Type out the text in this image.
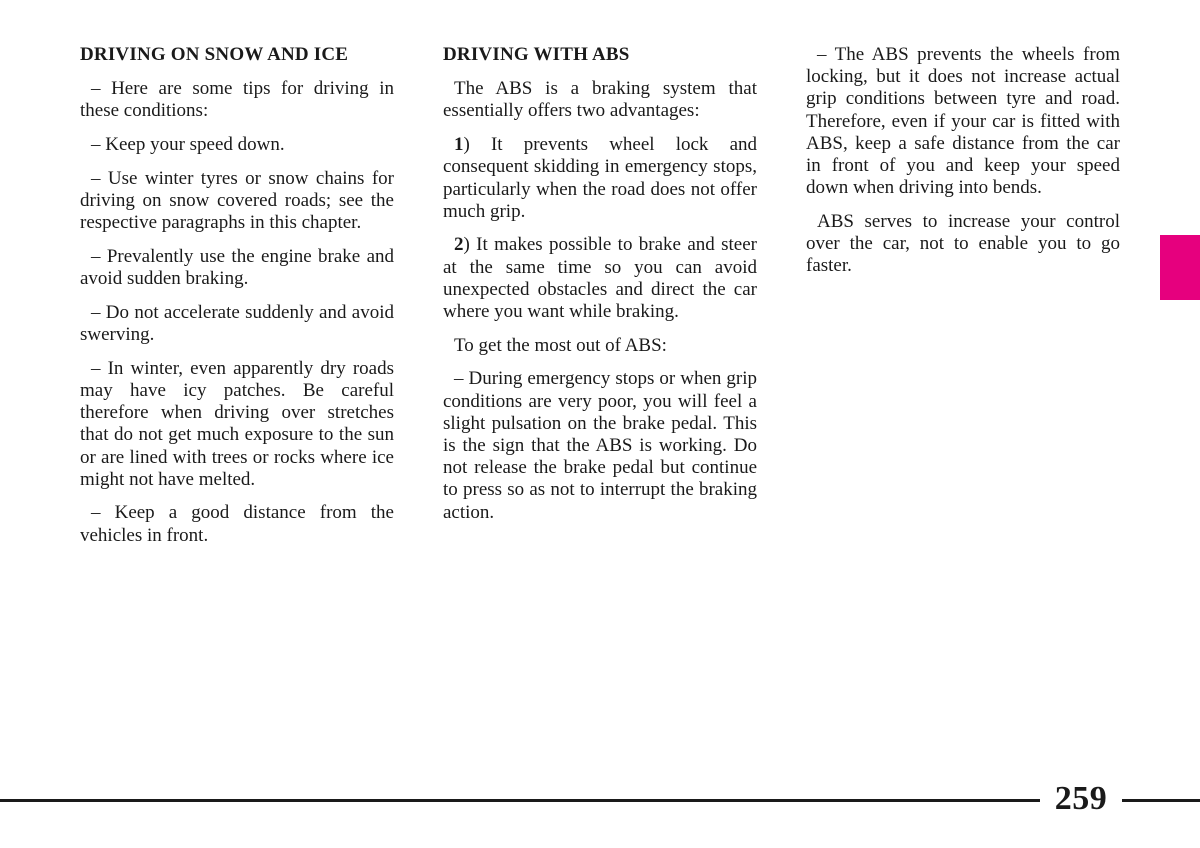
DRIVING ON SNOW AND ICE

– Here are some tips for driving in these conditions:

– Keep your speed down.

– Use winter tyres or snow chains for driving on snow covered roads; see the respective paragraphs in this chapter.

– Prevalently use the engine brake and avoid sudden braking.

– Do not accelerate suddenly and avoid swerving.

– In winter, even apparently dry roads may have icy patches. Be careful therefore when driving over stretches that do not get much exposure to the sun or are lined with trees or rocks where ice might not have melted.

– Keep a good distance from the vehicles in front.

DRIVING WITH ABS

The ABS is a braking system that essentially offers two advantages:

1) It prevents wheel lock and consequent skidding in emergency stops, particularly when the road does not offer much grip.

2) It makes possible to brake and steer at the same time so you can avoid unexpected obstacles and direct the car where you want while braking.

To get the most out of ABS:

– During emergency stops or when grip conditions are very poor, you will feel a slight pulsation on the brake pedal. This is the sign that the ABS is working. Do not release the brake pedal but continue to press so as not to interrupt the braking action.

– The ABS prevents the wheels from locking, but it does not increase actual grip conditions between tyre and road. Therefore, even if your car is fitted with ABS, keep a safe distance from the car in front of you and keep your speed down when driving into bends.

ABS serves to increase your control over the car, not to enable you to go faster.

259
